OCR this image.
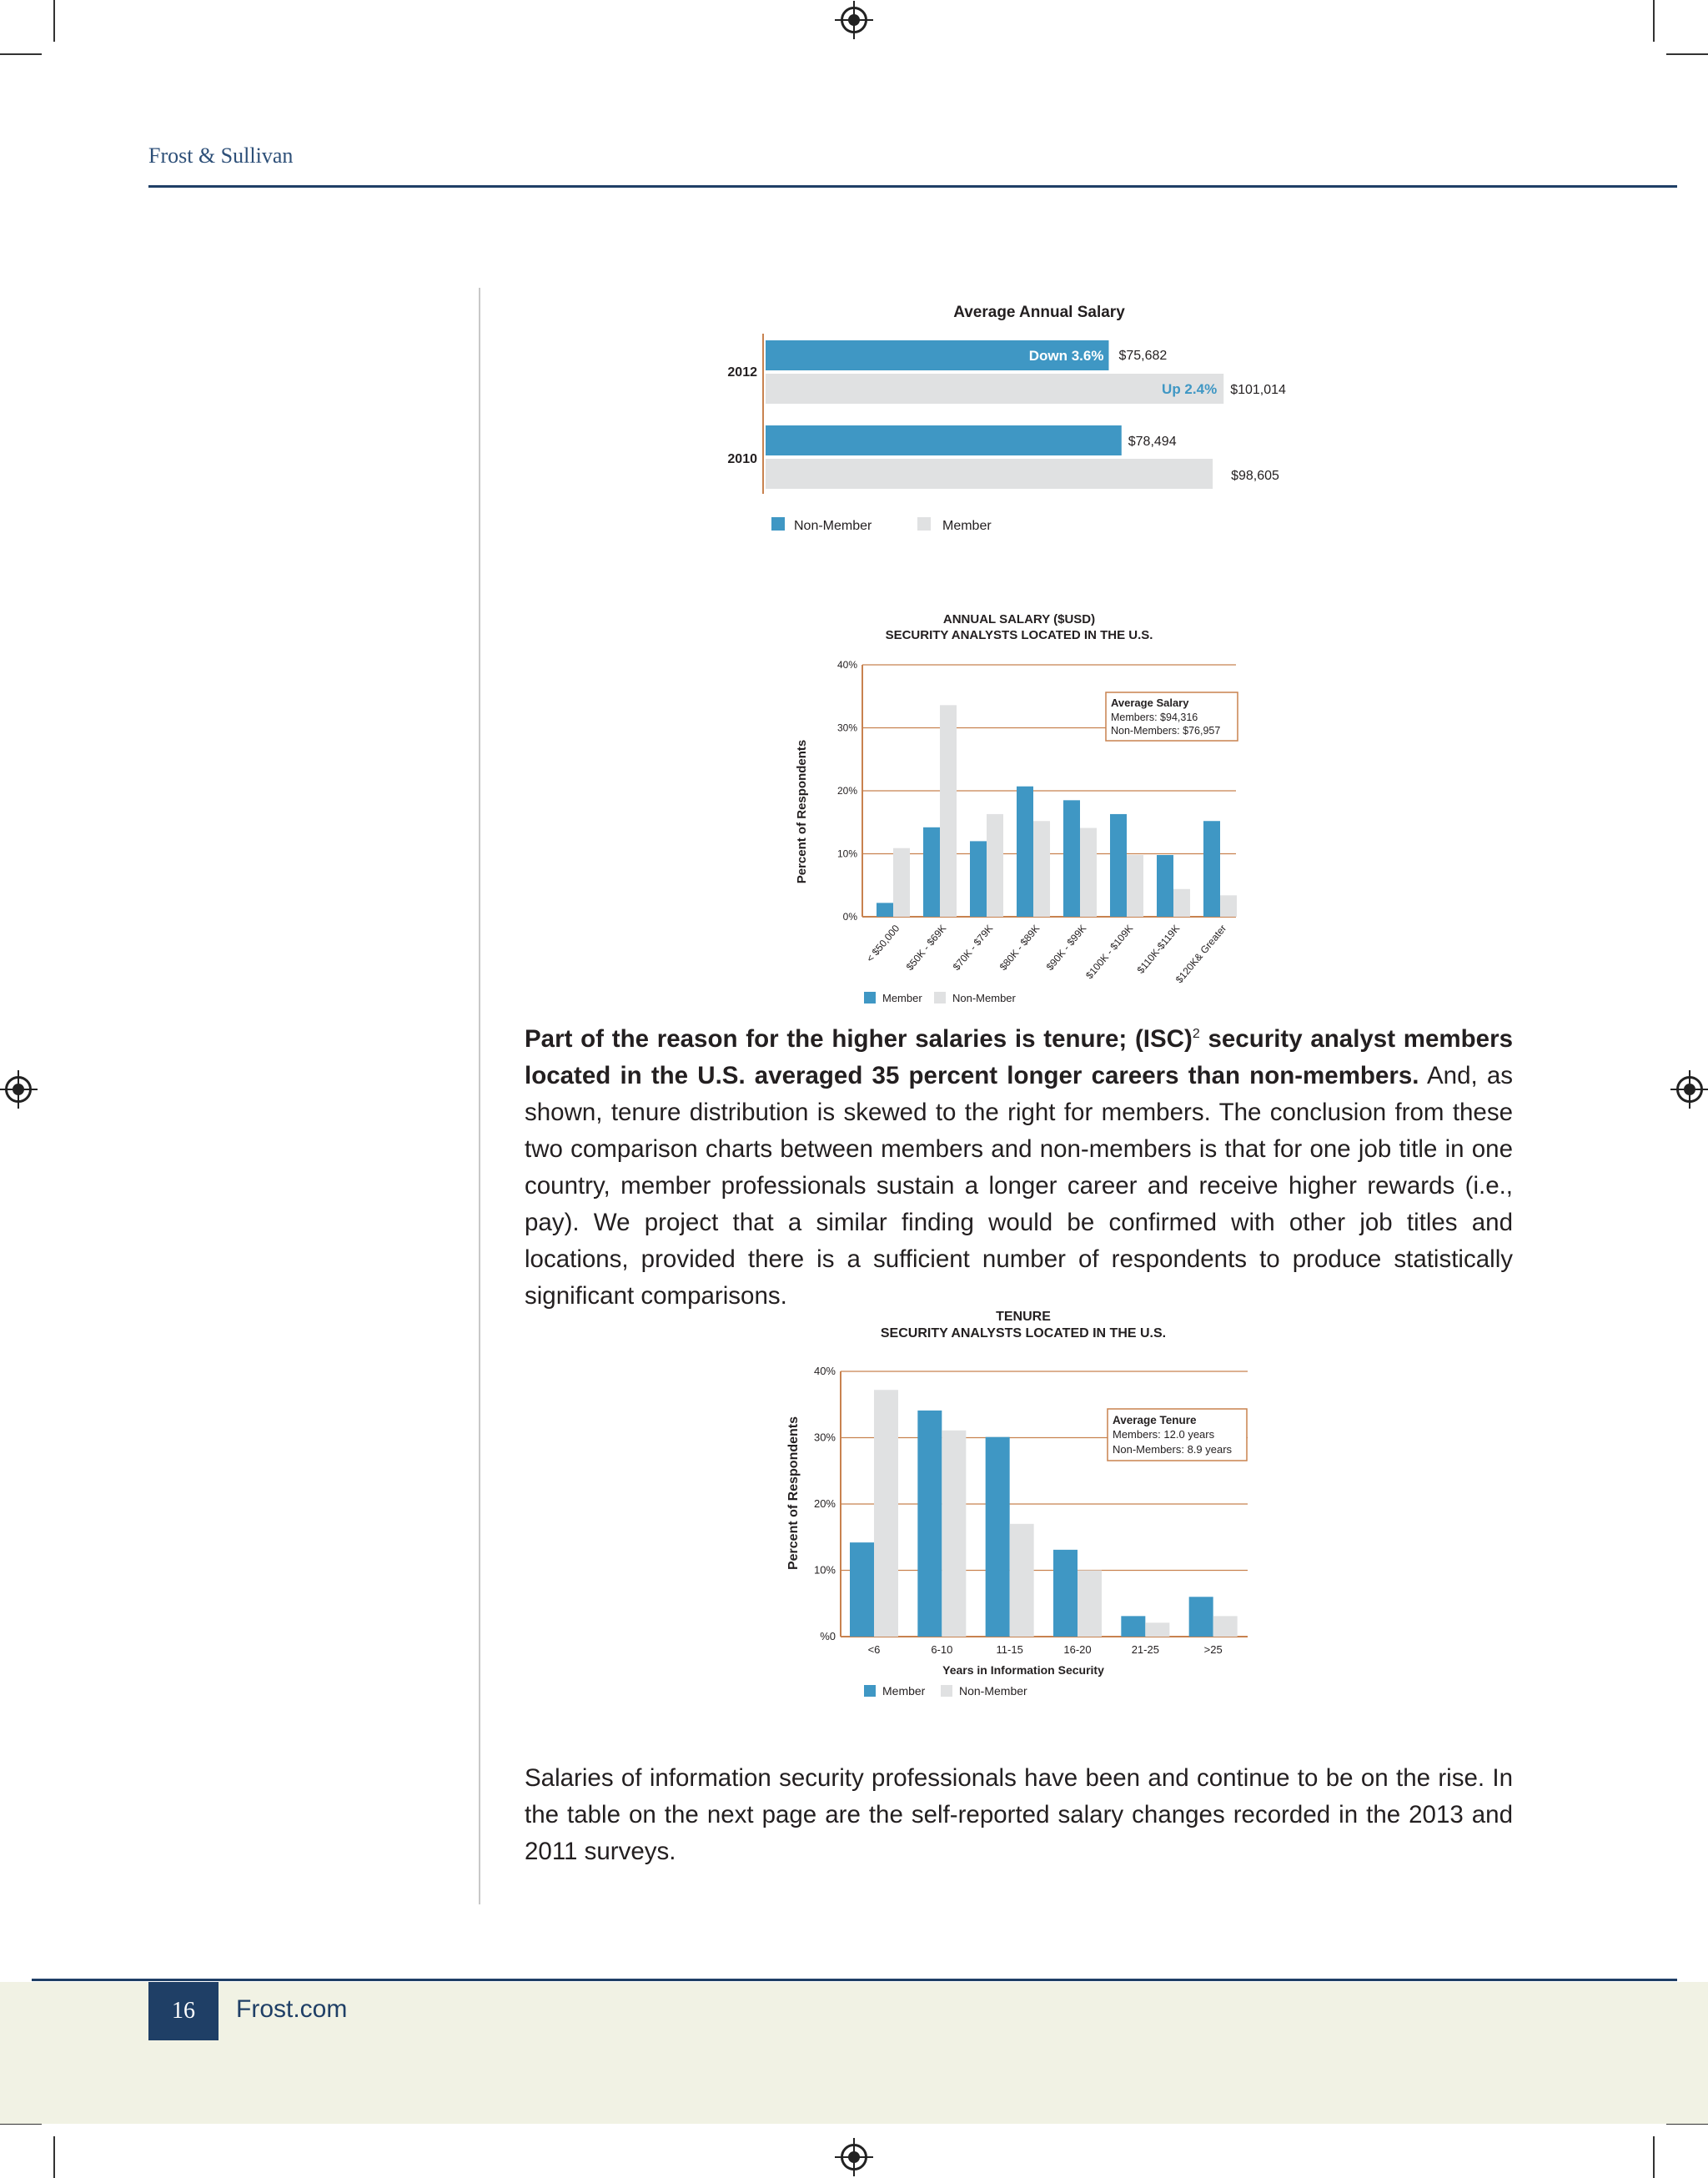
Frost & Sullivan
Average Annual Salary
2012
2010
Down 3.6%
Up 2.4%
$75,682
$101,014
$78,494
$98,605
Non-Member	Member
ANNUAL SALARY ($USD)
SECURITY ANALYSTS LOCATED IN THE U.S.
Percent of Respondents
0%
10%
20%
30%
40%
< $50,000 $50K - $69K $70K - $79K $80K - $89K $90K - $99K
$100K - $109K $110K-$119K
$120K& Greater
Average Salary
Members: $94,316
Non-Members: $76,957
Member	Non-Member
Part of the reason for the higher salaries is tenure; (ISC)$^2$ security analyst members located in the U.S. averaged 35 percent longer careers than non-members. And, as shown, tenure distribution is skewed to the right for members. The conclusion from these two comparison charts between members and non-members is that for one job title in one country, member professionals sustain a longer career and receive higher rewards (i.e., pay). We project that a similar finding would be confirmed with other job titles and locations, provided there is a sufficient number of respondents to produce statistically significant comparisons.
TENURE
SECURITY ANALYSTS LOCATED IN THE U.S.
Percent of Respondents
%0
10%
20%
30%
40%
<6	6-10	11-15	16-20	21-25	>25
Years in Information Security
Average Tenure
Members: 12.0 years
Non-Members: 8.9 years
Member	Non-Member
Salaries of information security professionals have been and continue to be on the rise. In the table on the next page are the self-reported salary changes recorded in the 2013 and 2011 surveys.
16	Frost.com
